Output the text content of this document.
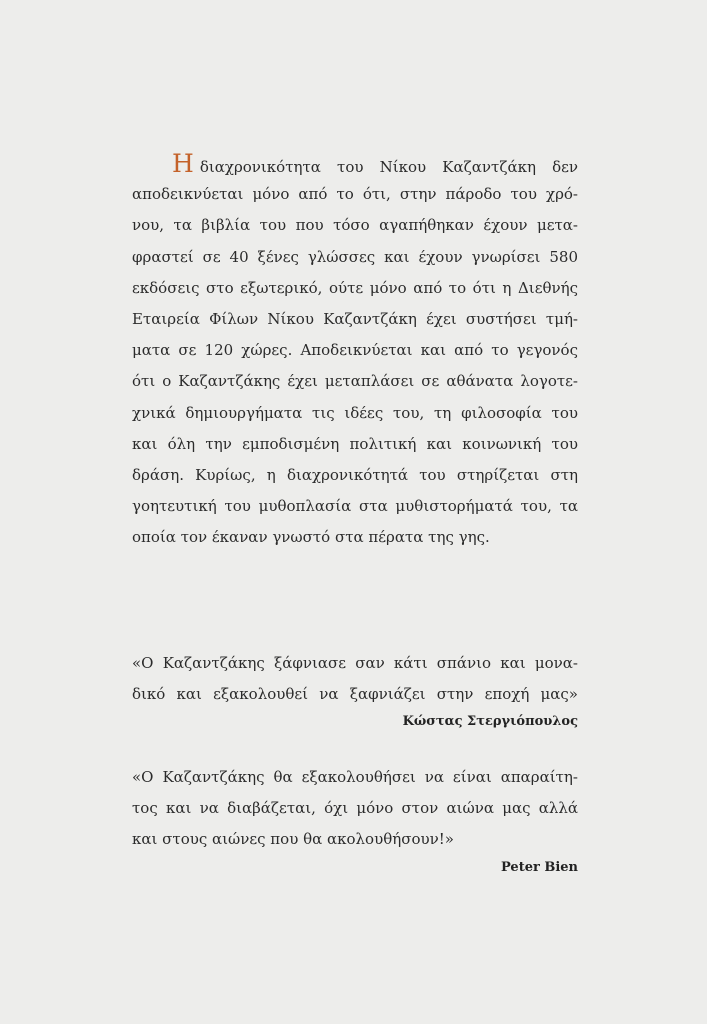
Η διαχρονικότητα του Νίκου Καζαντζάκη δεν
αποδεικνύεται μόνο από το ότι, στην πάροδο του χρό-
νου, τα βιβλία του που τόσο αγαπήθηκαν έχουν μετα-
φραστεί σε 40 ξένες γλώσσες και έχουν γνωρίσει 580
εκδόσεις στο εξωτερικό, ούτε μόνο από το ότι η Διεθνής
Εταιρεία Φίλων Νίκου Καζαντζάκη έχει συστήσει τμή-
ματα σε 120 χώρες. Αποδεικνύεται και από το γεγονός
ότι ο Καζαντζάκης έχει μεταπλάσει σε αθάνατα λογοτε-
χνικά δημιουργήματα τις ιδέες του, τη φιλοσοφία του
και όλη την εμποδισμένη πολιτική και κοινωνική του
δράση. Κυρίως, η διαχρονικότητά του στηρίζεται στη
γοητευτική του μυθοπλασία στα μυθιστορήματά του, τα
οποία τον έκαναν γνωστό στα πέρατα της γης.
«Ο Καζαντζάκης ξάφνιασε σαν κάτι σπάνιο και μονα-
δικό και εξακολουθεί να ξαφνιάζει στην εποχή μας»
Κώστας Στεργιόπουλος
«Ο Καζαντζάκης θα εξακολουθήσει να είναι απαραίτη-
τος και να διαβάζεται, όχι μόνο στον αιώνα μας αλλά
και στους αιώνες που θα ακολουθήσουν!»
Peter Bien
